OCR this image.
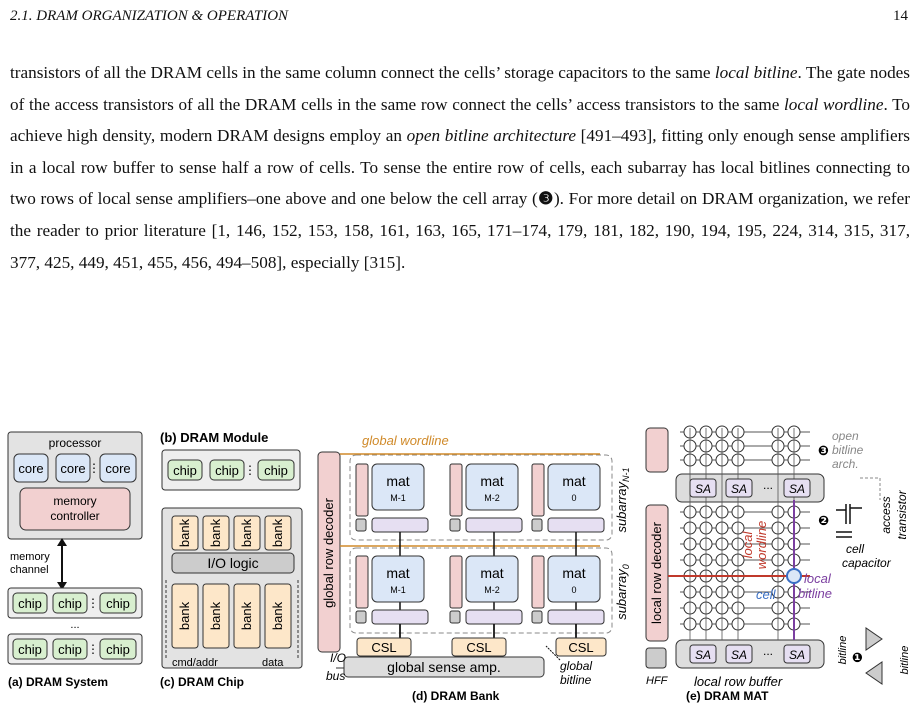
2.1. DRAM ORGANIZATION & OPERATION	14

transistors of all the DRAM cells in the same column connect the cells’ storage capacitors to the same local bitline. The gate nodes of the access transistors of all the DRAM cells in the same row connect the cells’ access transistors to the same local wordline. To achieve high density, modern DRAM designs employ an open bitline architecture [491–493], fitting only enough sense amplifiers in a local row buffer to sense half a row of cells. To sense the entire row of cells, each subarray has local bitlines connecting to two rows of local sense amplifiers–one above and one below the cell array (❸). For more detail on DRAM organization, we refer the reader to prior literature [1, 146, 152, 153, 158, 161, 163, 165, 171–174, 179, 181, 182, 190, 194, 195, 224, 314, 315, 317, 377, 425, 449, 451, 455, 456, 494–508], especially [315].

processor
core core ⋮ core
memory
controller
memory
channel
chip chip ⋮ chip
...
chip chip ⋮ chip
(a) DRAM System
(b) DRAM Module
chip chip ⋮ chip
bank
bank
bank
bank
bank
bank
bank
bank
I/O logic
cmd/addr	data
(c) DRAM Chip
global wordline
global row decoder
mat
M-1
mat
M-2
mat
0
mat
M-1
mat
M-2
mat
0
subarray$_{N-1}$
subarray$_0$
CSL	CSL	CSL
global sense amp.
I/O
bus
global
bitline
(d) DRAM Bank
local row decoder
SA SA	SA
...
SA SA	SA
...
HFF local row buffer
open
bitline
arch.
❸
❷	access transistor
cell
capacitor
local wordline
local
bitline
cell
❶
bitline	bitline
(e) DRAM MAT
